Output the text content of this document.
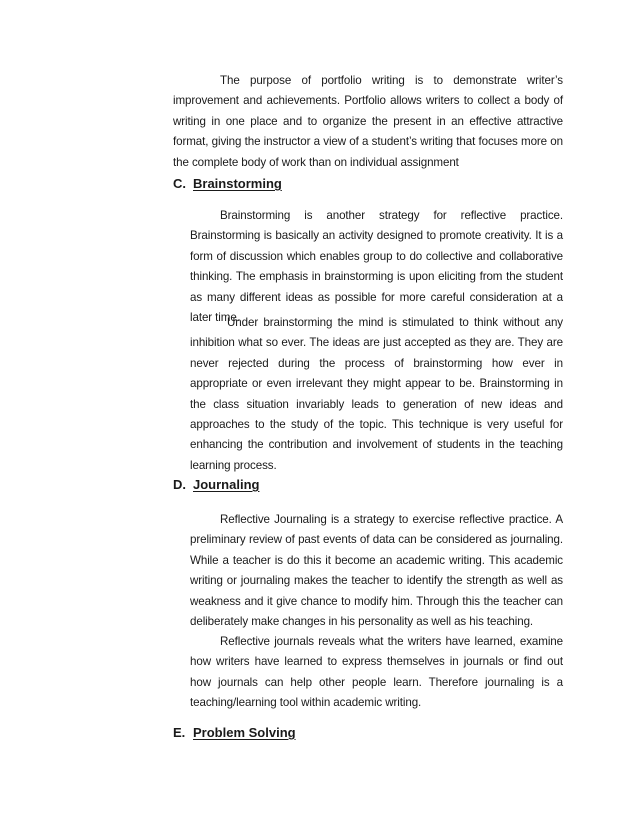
The purpose of portfolio writing is to demonstrate writer’s improvement and achievements. Portfolio allows writers to collect a body of writing in one place and to organize the present in an effective attractive format, giving the instructor a view of a student’s writing that focuses more on the complete body of work than on individual assignment

C. Brainstorming

Brainstorming is another strategy for reflective practice. Brainstorming is basically an activity designed to promote creativity. It is a form of discussion which enables group to do collective and collaborative thinking. The emphasis in brainstorming is upon eliciting from the student as many different ideas as possible for more careful consideration at a later time.

Under brainstorming the mind is stimulated to think without any inhibition what so ever. The ideas are just accepted as they are. They are never rejected during the process of brainstorming how ever in appropriate or even irrelevant they might appear to be. Brainstorming in the class situation invariably leads to generation of new ideas and approaches to the study of the topic. This technique is very useful for enhancing the contribution and involvement of students in the teaching learning process.

D. Journaling

Reflective Journaling is a strategy to exercise reflective practice. A preliminary review of past events of data can be considered as journaling. While a teacher is do this it become an academic writing. This academic writing or journaling makes the teacher to identify the strength as well as weakness and it give chance to modify him. Through this the teacher can deliberately make changes in his personality as well as his teaching.

Reflective journals reveals what the writers have learned, examine how writers have learned to express themselves in journals or find out how journals can help other people learn. Therefore journaling is a teaching/learning tool within academic writing.

E. Problem Solving
